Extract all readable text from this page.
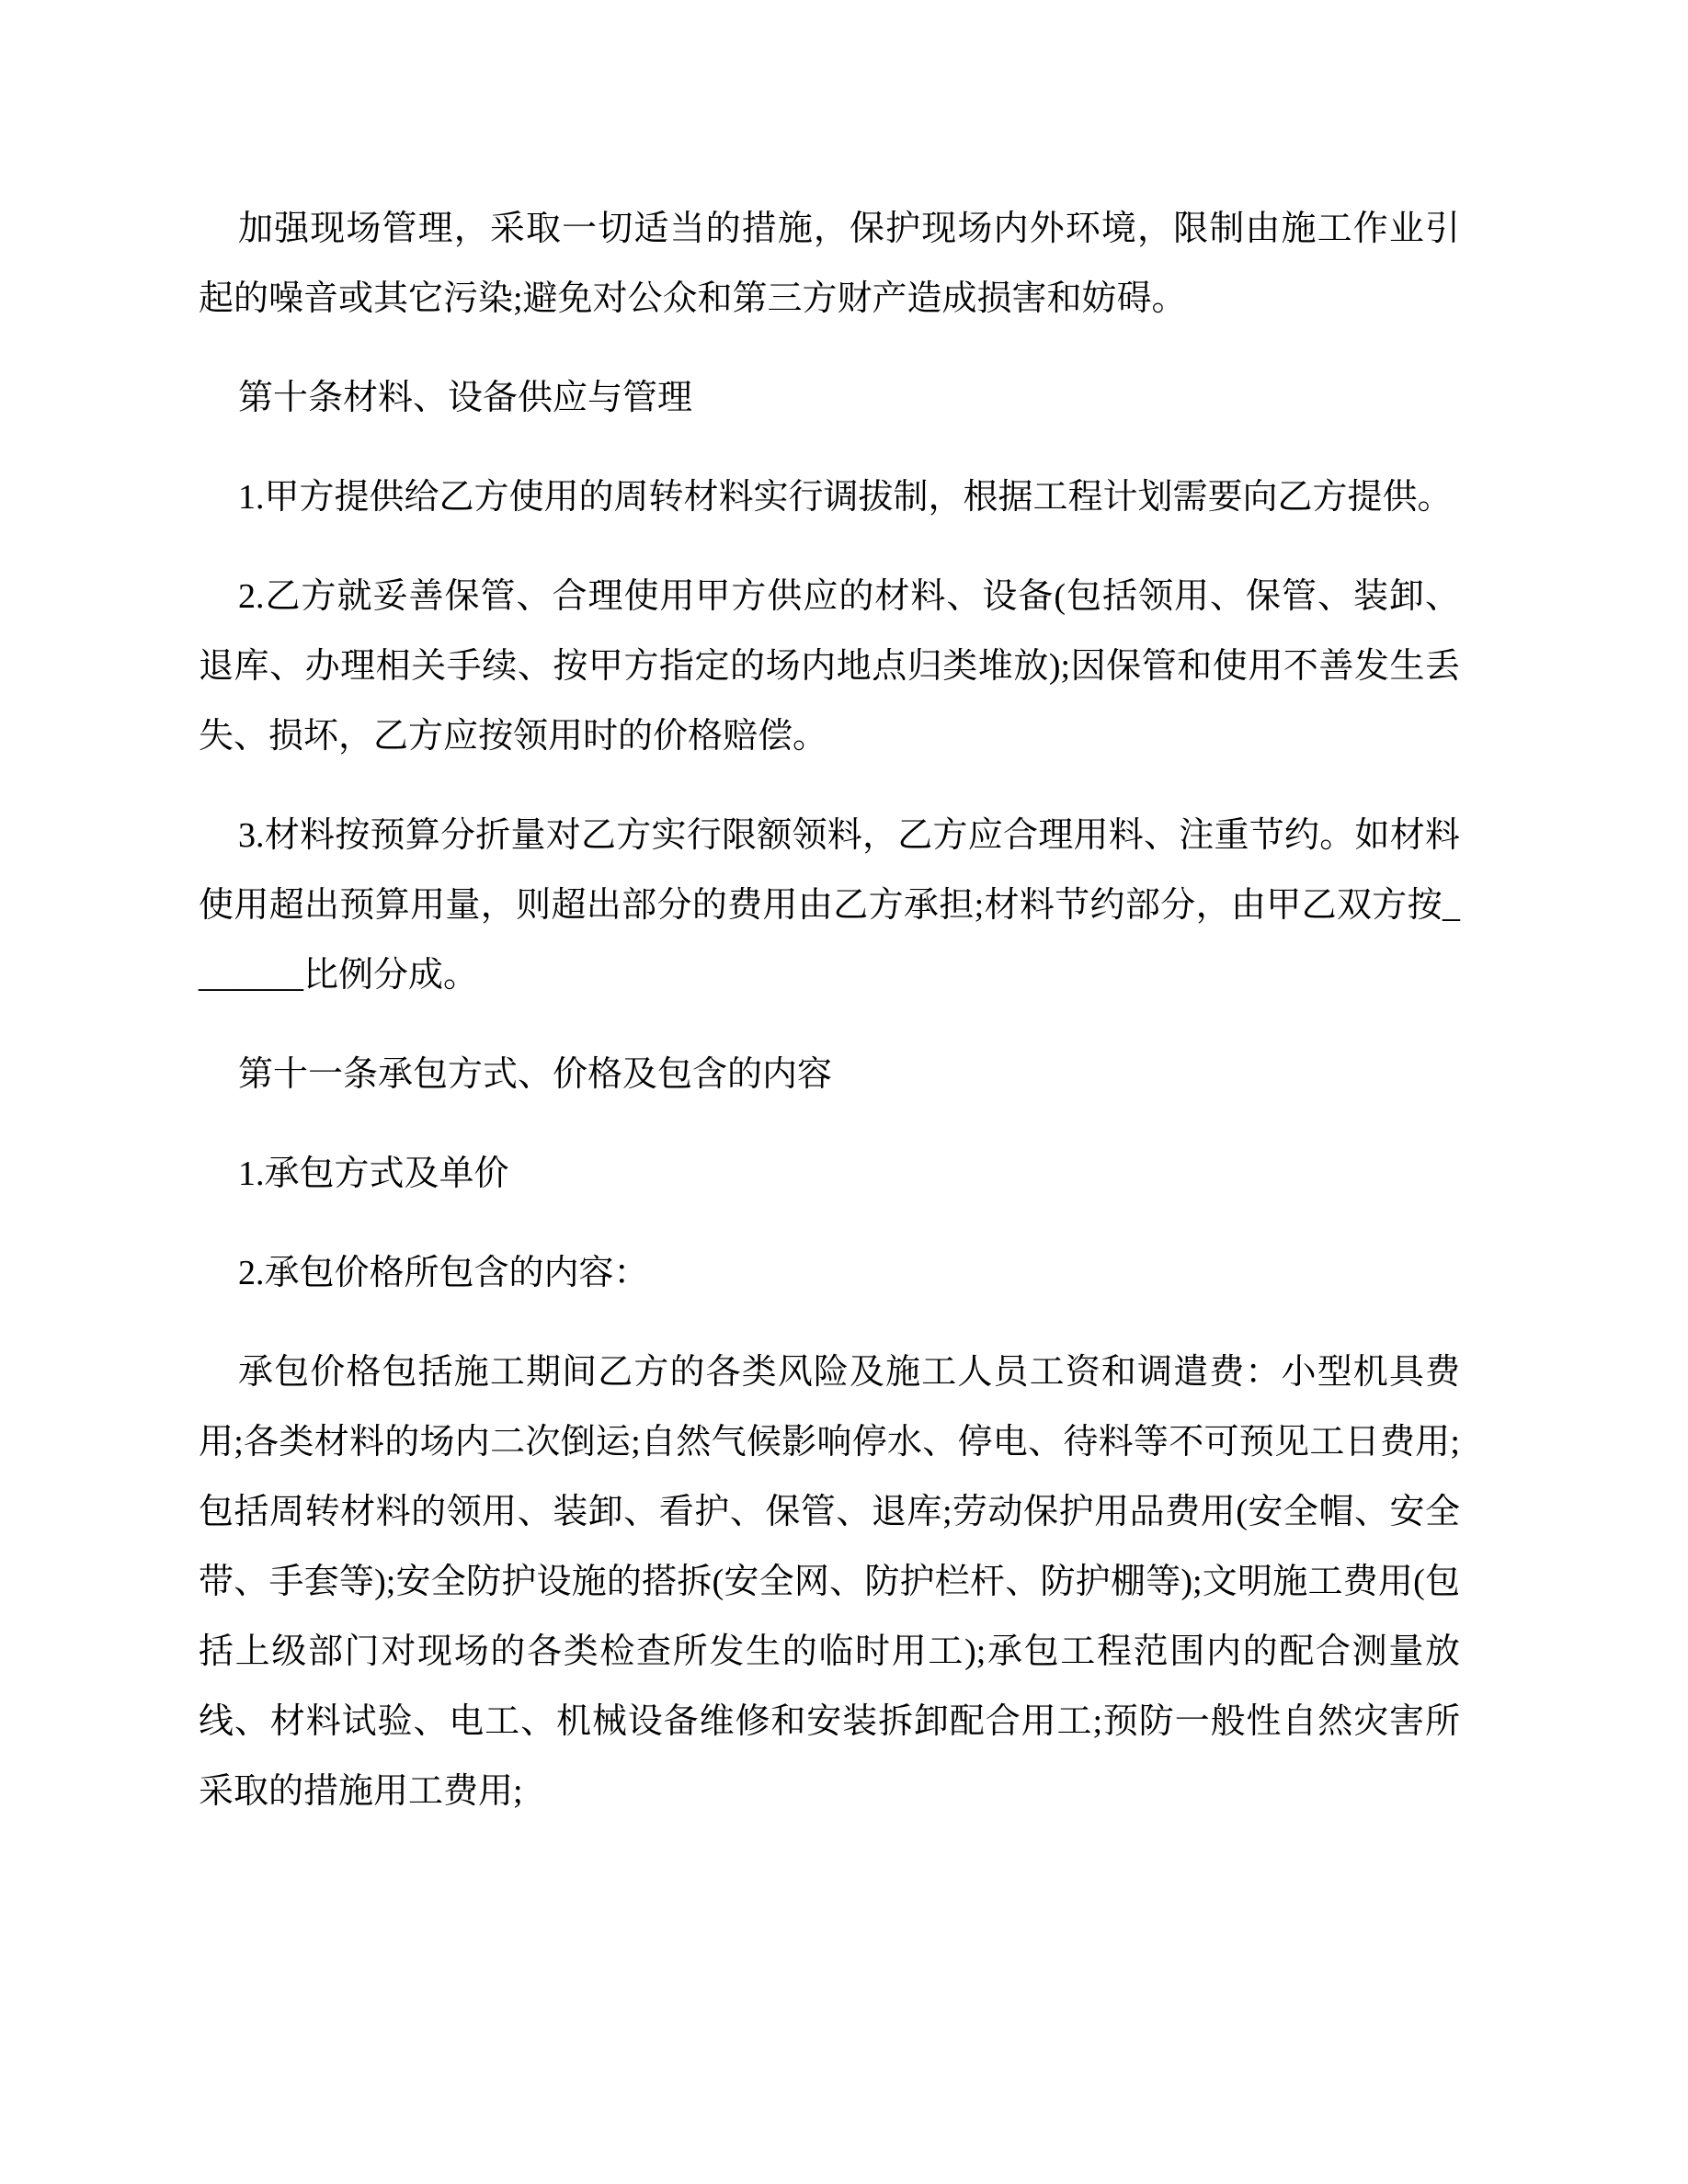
加强现场管理，采取一切适当的措施，保护现场内外环境，限制由施工作业引起的噪音或其它污染;避免对公众和第三方财产造成损害和妨碍。

第十条材料、设备供应与管理

1.甲方提供给乙方使用的周转材料实行调拔制，根据工程计划需要向乙方提供。

2.乙方就妥善保管、合理使用甲方供应的材料、设备(包括领用、保管、装卸、退库、办理相关手续、按甲方指定的场内地点归类堆放);因保管和使用不善发生丢失、损坏，乙方应按领用时的价格赔偿。

3.材料按预算分折量对乙方实行限额领料，乙方应合理用料、注重节约。如材料使用超出预算用量，则超出部分的费用由乙方承担;材料节约部分，由甲乙双方按_______比例分成。

第十一条承包方式、价格及包含的内容

1.承包方式及单价

2.承包价格所包含的内容：

承包价格包括施工期间乙方的各类风险及施工人员工资和调遣费：小型机具费用;各类材料的场内二次倒运;自然气候影响停水、停电、待料等不可预见工日费用;包括周转材料的领用、装卸、看护、保管、退库;劳动保护用品费用(安全帽、安全带、手套等);安全防护设施的搭拆(安全网、防护栏杆、防护棚等);文明施工费用(包括上级部门对现场的各类检查所发生的临时用工);承包工程范围内的配合测量放线、材料试验、电工、机械设备维修和安装拆卸配合用工;预防一般性自然灾害所采取的措施用工费用;
